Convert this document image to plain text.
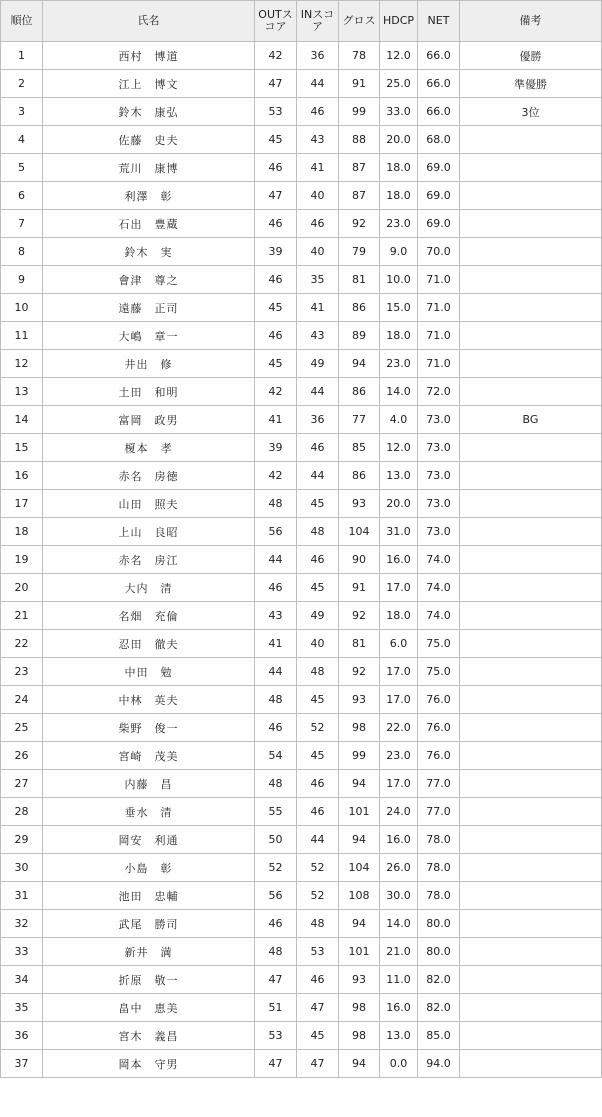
順位	氏名	OUTスコア	INスコア	グロス	HDCP	NET	備考
1	西村　博道	42	36	78	12.0	66.0	優勝
2	江上　博文	47	44	91	25.0	66.0	準優勝
3	鈴木　康弘	53	46	99	33.0	66.0	3位
4	佐藤　史夫	45	43	88	20.0	68.0	
5	荒川　康博	46	41	87	18.0	69.0	
6	利澤　彰	47	40	87	18.0	69.0	
7	石出　豊蔵	46	46	92	23.0	69.0	
8	鈴木　実	39	40	79	9.0	70.0	
9	會津　尊之	46	35	81	10.0	71.0	
10	遠藤　正司	45	41	86	15.0	71.0	
11	大嶋　章一	46	43	89	18.0	71.0	
12	井出　修	45	49	94	23.0	71.0	
13	土田　和明	42	44	86	14.0	72.0	
14	富岡　政男	41	36	77	4.0	73.0	BG
15	榎本　孝	39	46	85	12.0	73.0	
16	赤名　房徳	42	44	86	13.0	73.0	
17	山田　照夫	48	45	93	20.0	73.0	
18	上山　良昭	56	48	104	31.0	73.0	
19	赤名　房江	44	46	90	16.0	74.0	
20	大内　清	46	45	91	17.0	74.0	
21	名畑　充倫	43	49	92	18.0	74.0	
22	忍田　徹夫	41	40	81	6.0	75.0	
23	中田　勉	44	48	92	17.0	75.0	
24	中林　英夫	48	45	93	17.0	76.0	
25	柴野　俊一	46	52	98	22.0	76.0	
26	宮崎　茂美	54	45	99	23.0	76.0	
27	内藤　昌	48	46	94	17.0	77.0	
28	垂水　清	55	46	101	24.0	77.0	
29	岡安　利通	50	44	94	16.0	78.0	
30	小島　彰	52	52	104	26.0	78.0	
31	池田　忠輔	56	52	108	30.0	78.0	
32	武尾　勝司	46	48	94	14.0	80.0	
33	新井　満	48	53	101	21.0	80.0	
34	折原　敬一	47	46	93	11.0	82.0	
35	畠中　恵美	51	47	98	16.0	82.0	
36	宮木　義昌	53	45	98	13.0	85.0	
37	岡本　守男	47	47	94	0.0	94.0	
